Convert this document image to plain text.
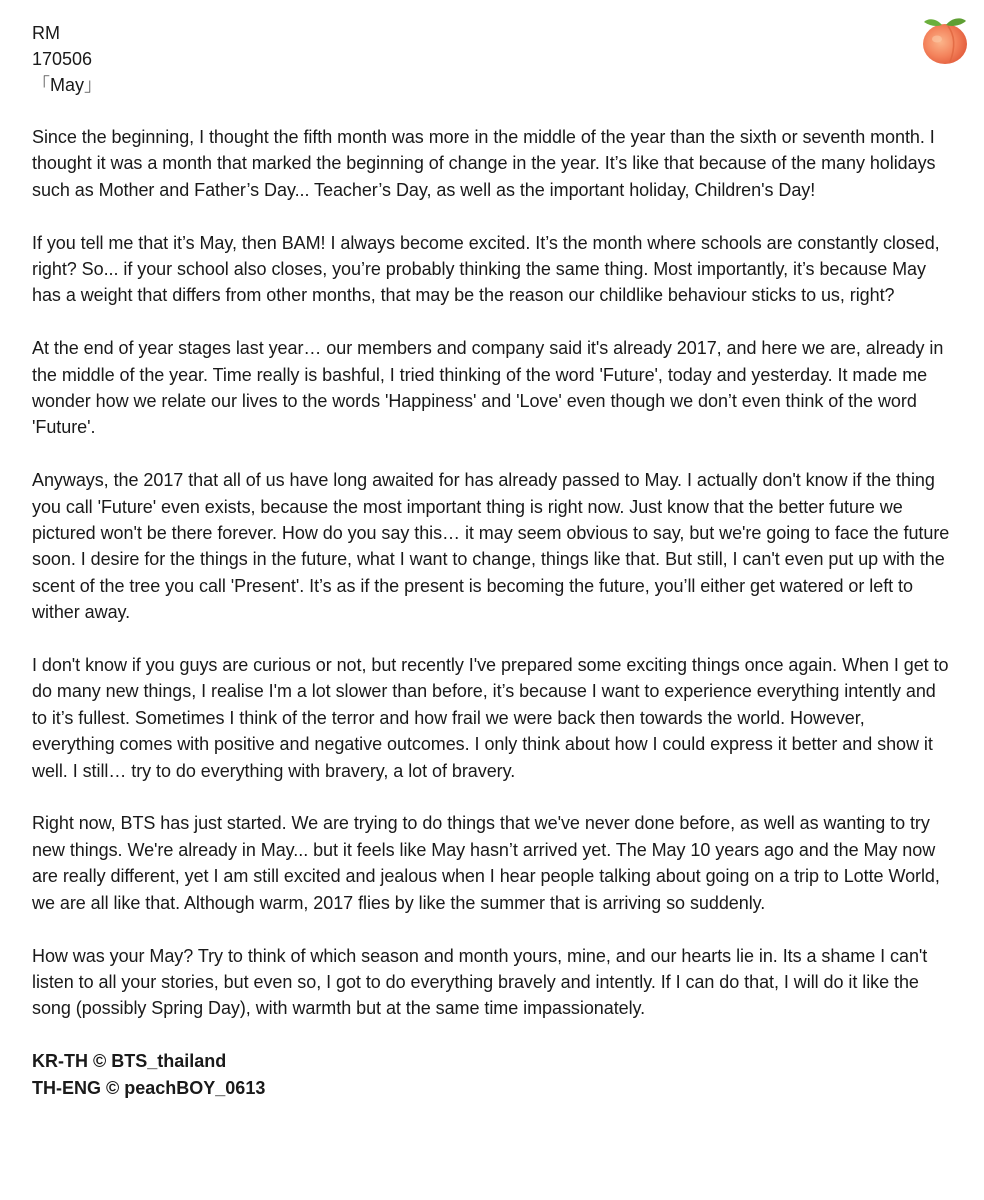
RM

170506

「May」

Since the beginning, I thought the fifth month was more in the middle of the year than the sixth or seventh month. I thought it was a month that marked the beginning of change in the year. It’s like that because of the many holidays such as Mother and Father’s Day... Teacher’s Day, as well as the important holiday, Children's Day!

If you tell me that it’s May, then BAM! I always become excited. It’s the month where schools are constantly closed, right? So... if your school also closes, you’re probably thinking the same thing. Most importantly, it’s because May has a weight that differs from other months, that may be the reason our childlike behaviour sticks to us, right?

At the end of year stages last year… our members and company said it's already 2017, and here we are, already in the middle of the year. Time really is bashful, I tried thinking of the word 'Future', today and yesterday. It made me wonder how we relate our lives to the words 'Happiness' and 'Love' even though we don’t even think of the word 'Future'.

Anyways, the 2017 that all of us have long awaited for has already passed to May. I actually don't know if the thing you call 'Future' even exists, because the most important thing is right now. Just know that the better future we pictured won't be there forever. How do you say this… it may seem obvious to say, but we're going to face the future soon. I desire for the things in the future, what I want to change, things like that. But still, I can't even put up with the scent of the tree you call 'Present'. It’s as if the present is becoming the future, you’ll either get watered or left to wither away.

I don't know if you guys are curious or not, but recently I've prepared some exciting things once again. When I get to do many new things, I realise I'm a lot slower than before, it’s because I want to experience everything intently and to it’s fullest. Sometimes I think of the terror and how frail we were back then towards the world. However, everything comes with positive and negative outcomes. I only think about how I could express it better and show it well. I still… try to do everything with bravery, a lot of bravery.

Right now, BTS has just started. We are trying to do things that we've never done before, as well as wanting to try new things. We're already in May... but it feels like May hasn’t arrived yet. The May 10 years ago and the May now are really different, yet I am still excited and jealous when I hear people talking about going on a trip to Lotte World, we are all like that. Although warm, 2017 flies by like the summer that is arriving so suddenly.

How was your May? Try to think of which season and month yours, mine, and our hearts lie in. Its a shame I can't listen to all your stories, but even so, I got to do everything bravely and intently. If I can do that, I will do it like the song (possibly Spring Day), with warmth but at the same time impassionately.

KR-TH © BTS_thailand

TH-ENG © peachBOY_0613
